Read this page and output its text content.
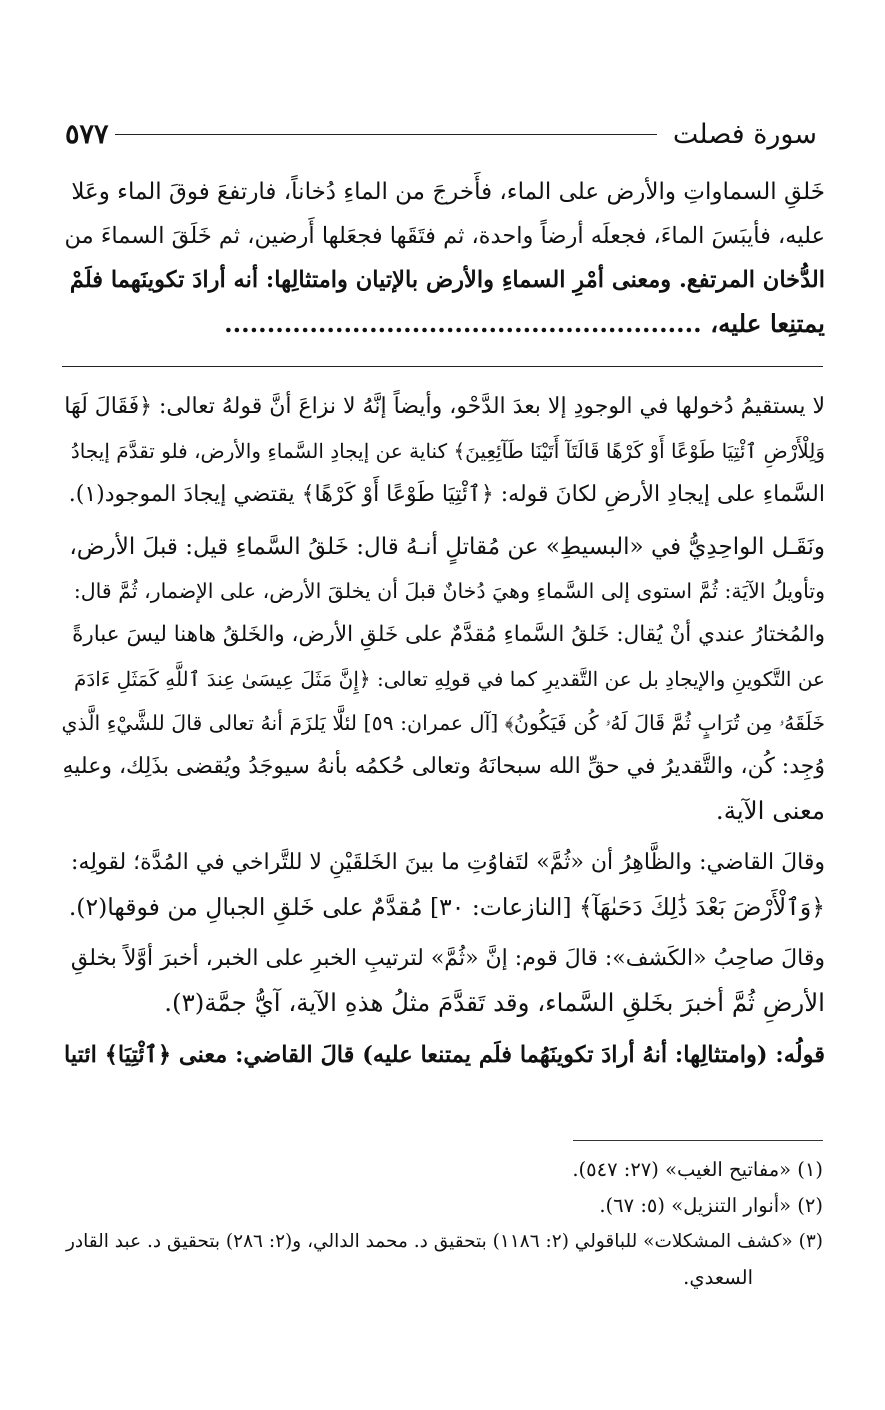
سورة فصلت
٥٧٧
خَلقِ السماواتِ والأرض على الماء، فأَخرجَ من الماءِ دُخاناً، فارتفعَ فوقَ الماء وعَلا
عليه، فأيبَسَ الماءَ، فجعلَه أرضاً واحدة، ثم فتَقَها فجعَلها أَرضين، ثم خَلَقَ السماءَ من
الدُّخان المرتفع. ومعنى أمْرِ السماءِ والأرض بالإتيان وامتثالِها: أنه أرادَ تكوينَهما فلَمْ
يمتنِعا عليه، ........................................................
لا يستقيمُ دُخولها في الوجودِ إلا بعدَ الدَّحْو، وأيضاً إنَّهُ لا نزاعَ أنَّ قولهُ تعالى: ﴿فَقَالَ لَهَا
وَلِلْأَرْضِ ٱئْتِيَا طَوْعًا أَوْ كَرْهًا قَالَتَآ أَتَيْنَا طَآئِعِينَ﴾ كناية عن إيجادِ السَّماءِ والأرض، فلو تقدَّمَ إيجادُ
السَّماءِ على إيجادِ الأرضِ لكانَ قوله: ﴿ٱئْتِيَا طَوْعًا أَوْ كَرْهًا﴾ يقتضي إيجادَ الموجود(١).
ونَقَـل الواحِدِيُّ في «البسيطِ» عن مُقاتلٍ أنـهُ قال: خَلقُ السَّماءِ قيل: قبلَ الأرض،
وتأويلُ الآيَة: ثُمَّ استوى إلى السَّماءِ وهيَ دُخانٌ قبلَ أن يخلقَ الأرض، على الإضمار، ثُمَّ قال:
والمُختارُ عندي أنْ يُقال: خَلقُ السَّماءِ مُقدَّمٌ على خَلقِ الأرض، والخَلقُ هاهنا ليسَ عبارةً
عن التَّكوينِ والإيجادِ بل عن التَّقديرِ كما في قولِهِ تعالى: ﴿إِنَّ مَثَلَ عِيسَىٰ عِندَ ٱللَّهِ كَمَثَلِ ءَادَمَ
خَلَقَهُۥ مِن تُرَابٍ ثُمَّ قَالَ لَهُۥ كُن فَيَكُونُ﴾ [آل عمران: ٥٩] لئلَّا يَلزَمَ أنهُ تعالى قالَ للشَّيْءِ الَّذي
وُجِد: كُن، والتَّقديرُ في حقِّ الله سبحانَهُ وتعالى حُكمُه بأنهُ سيوجَدُ ويُقضى بذَلِك، وعليهِ
معنى الآية.
وقالَ القاضي: والظَّاهِرُ أن «ثُمَّ» لتَفاوُتِ ما بينَ الخَلقَيْنِ لا للتَّراخي في المُدَّة؛ لقولِه:
﴿وَٱلْأَرْضَ بَعْدَ ذَٰلِكَ دَحَىٰهَآ﴾ [النازعات: ٣٠] مُقدَّمٌ على خَلقِ الجبالِ من فوقها(٢).
وقالَ صاحِبُ «الكَشف»: قالَ قوم: إنَّ «ثُمَّ» لترتيبِ الخبرِ على الخبر، أخبرَ أوَّلاً بخلقِ
الأرضِ ثُمَّ أخبرَ بخَلقِ السَّماء، وقد تَقدَّمَ مثلُ هذهِ الآية، آيُّ جمَّة(٣).
قولُه: (وامتثالِها: أنهُ أرادَ تكوينَهُما فلَم يمتنعا عليه) قالَ القاضي: معنى ﴿ٱئْتِيَا﴾ ائتيا
(١) «مفاتيح الغيب» (٢٧: ٥٤٧).
(٢) «أنوار التنزيل» (٥: ٦٧).
(٣) «كشف المشكلات» للباقولي (٢: ١١٨٦) بتحقيق د. محمد الدالي، و(٢: ٢٨٦) بتحقيق د. عبد القادر
السعدي.
